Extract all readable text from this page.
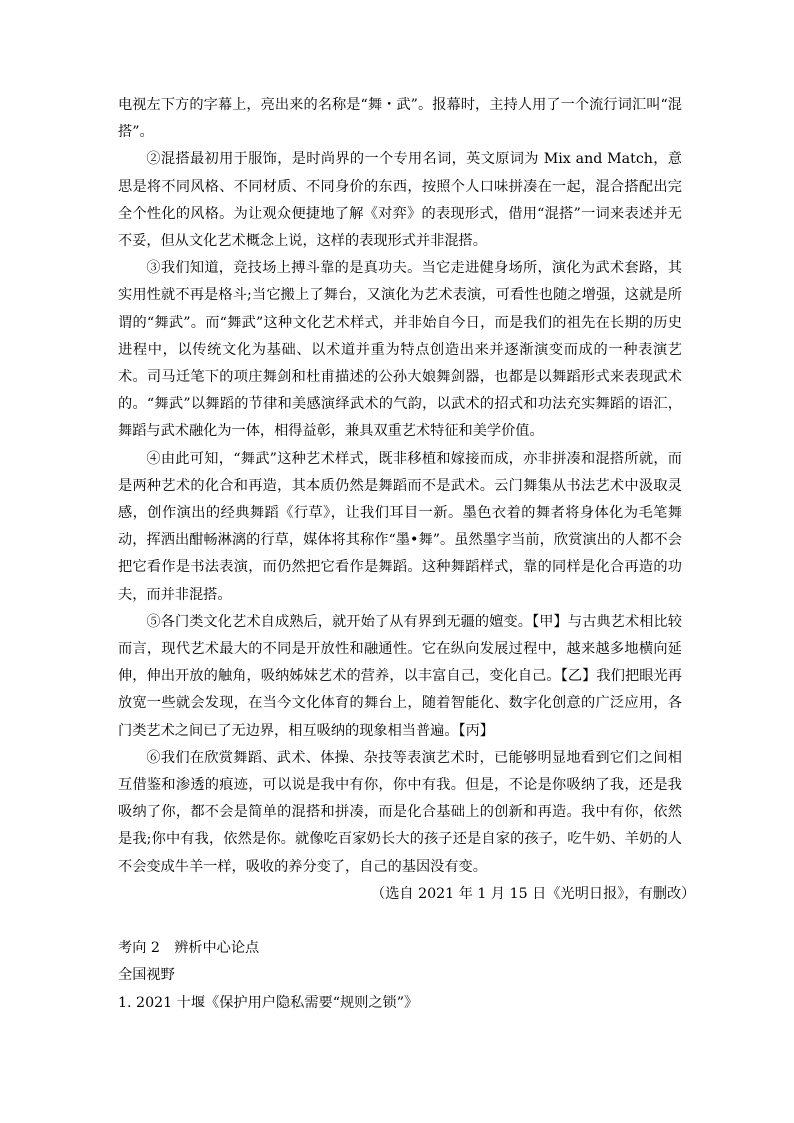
电视左下方的字幕上，亮出来的名称是“舞・武”。报幕时，主持人用了一个流行词汇叫“混搭”。

②混搭最初用于服饰，是时尚界的一个专用名词，英文原词为 Mix and Match，意思是将不同风格、不同材质、不同身价的东西，按照个人口味拼凑在一起，混合搭配出完全个性化的风格。为让观众便捷地了解《对弈》的表现形式，借用“混搭”一词来表述并无不妥，但从文化艺术概念上说，这样的表现形式并非混搭。

③我们知道，竞技场上搏斗靠的是真功夫。当它走进健身场所，演化为武术套路，其实用性就不再是格斗;当它搬上了舞台，又演化为艺术表演，可看性也随之增强，这就是所谓的“舞武”。而“舞武”这种文化艺术样式，并非始自今日，而是我们的祖先在长期的历史进程中，以传统文化为基础、以术道并重为特点创造出来并逐渐演变而成的一种表演艺术。司马迁笔下的项庄舞剑和杜甫描述的公孙大娘舞剑器，也都是以舞蹈形式来表现武术的。“舞武”以舞蹈的节律和美感演绎武术的气韵，以武术的招式和功法充实舞蹈的语汇，舞蹈与武术融化为一体，相得益彰，兼具双重艺术特征和美学价值。

④由此可知，“舞武”这种艺术样式，既非移植和嫁接而成，亦非拼凑和混搭所就，而是两种艺术的化合和再造，其本质仍然是舞蹈而不是武术。云门舞集从书法艺术中汲取灵感，创作演出的经典舞蹈《行草》，让我们耳目一新。墨色衣着的舞者将身体化为毛笔舞动，挥洒出酣畅淋漓的行草，媒体将其称作“墨•舞”。虽然墨字当前，欣赏演出的人都不会把它看作是书法表演，而仍然把它看作是舞蹈。这种舞蹈样式，靠的同样是化合再造的功夫，而并非混搭。

⑤各门类文化艺术自成熟后，就开始了从有界到无疆的嬗变。【甲】与古典艺术相比较而言，现代艺术最大的不同是开放性和融通性。它在纵向发展过程中，越来越多地横向延伸，伸出开放的触角，吸纳姊妹艺术的营养，以丰富自己，变化自己。【乙】我们把眼光再放宽一些就会发现，在当今文化体育的舞台上，随着智能化、数字化创意的广泛应用，各门类艺术之间已了无边界，相互吸纳的现象相当普遍。【丙】

⑥我们在欣赏舞蹈、武术、体操、杂技等表演艺术时，已能够明显地看到它们之间相互借鉴和渗透的痕迹，可以说是我中有你，你中有我。但是，不论是你吸纳了我，还是我吸纳了你，都不会是简单的混搭和拼凑，而是化合基础上的创新和再造。我中有你，依然是我;你中有我，依然是你。就像吃百家奶长大的孩子还是自家的孩子，吃牛奶、羊奶的人不会变成牛羊一样，吸收的养分变了，自己的基因没有变。

（选自 2021 年 1 月 15 日《光明日报》，有删改）

考向 2　辨析中心论点

全国视野

1. 2021 十堰《保护用户隐私需要“规则之锁”》
